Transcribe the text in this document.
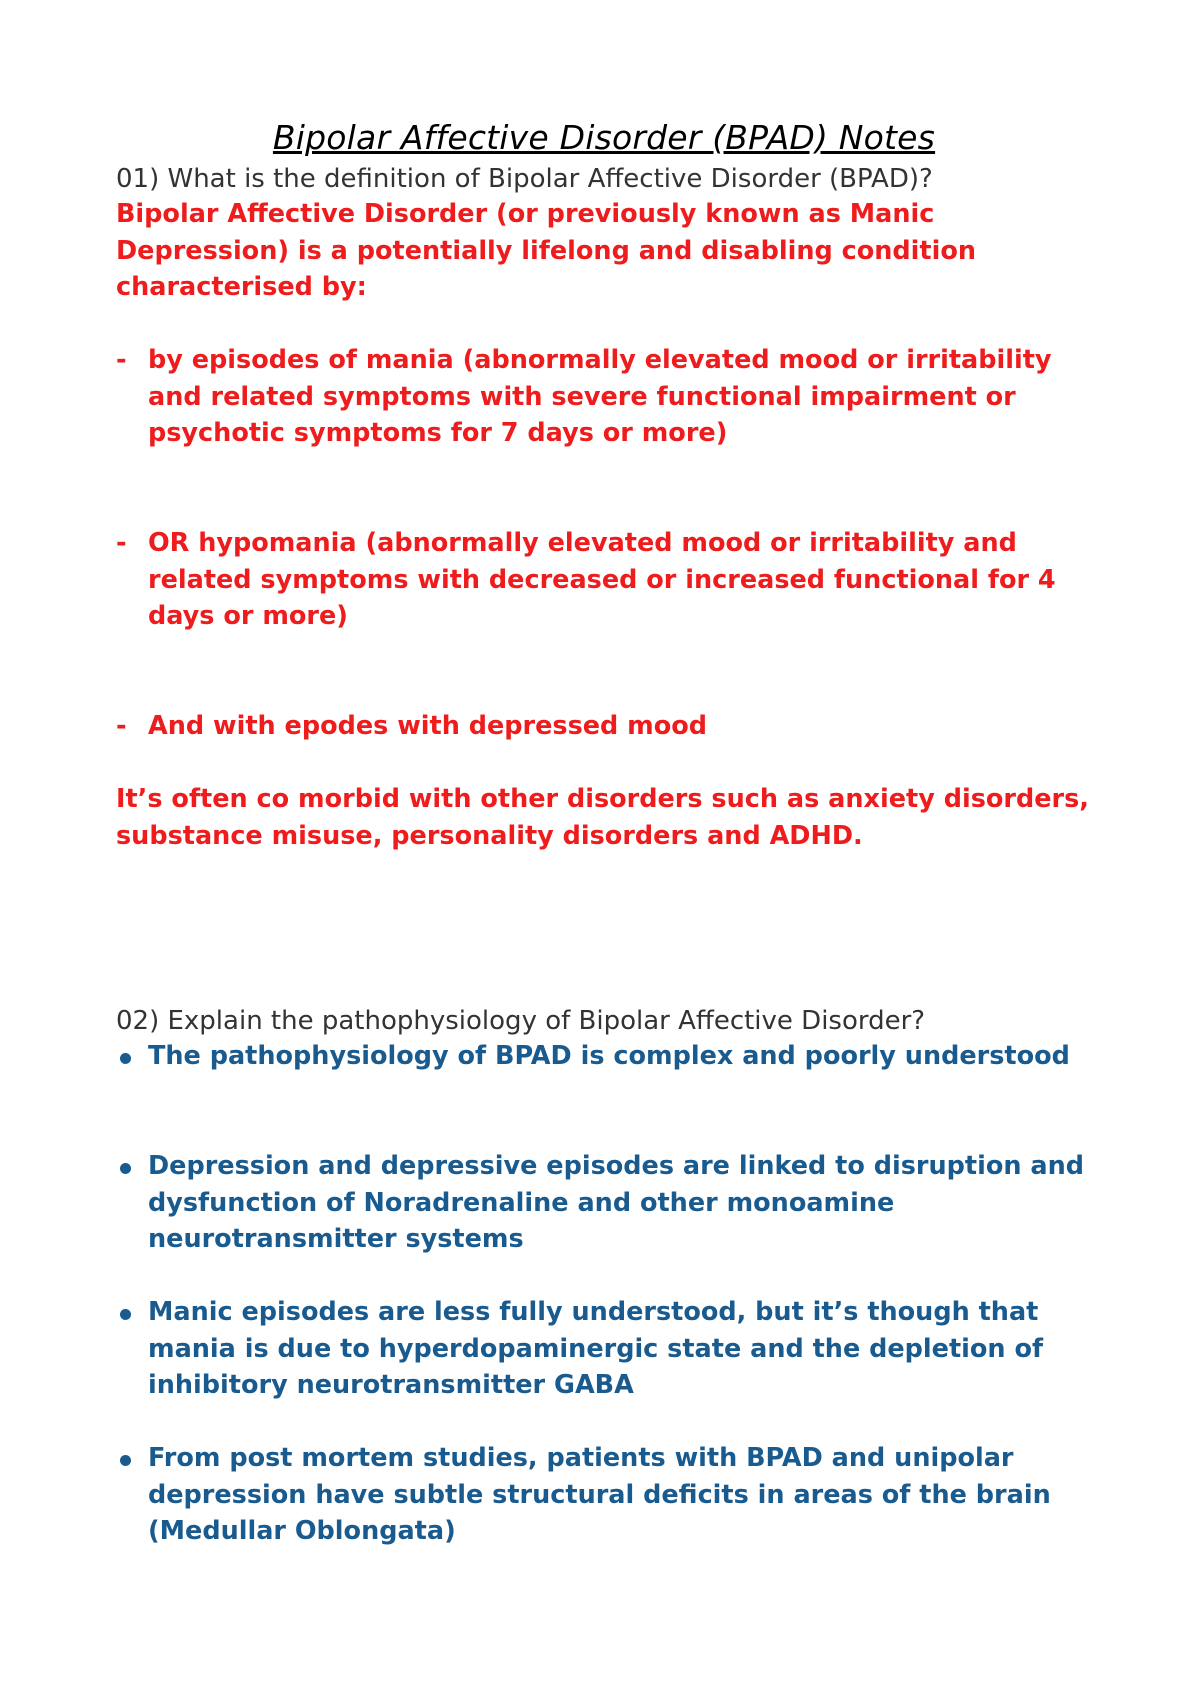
Bipolar Affective Disorder (BPAD) Notes
01) What is the definition of Bipolar Affective Disorder (BPAD)?

Bipolar Affective Disorder (or previously known as Manic Depression) is a potentially lifelong and disabling condition characterised by:

- by episodes of mania (abnormally elevated mood or irritability and related symptoms with severe functional impairment or psychotic symptoms for 7 days or more)
- OR hypomania (abnormally elevated mood or irritability and related symptoms with decreased or increased functional for 4 days or more)
- And with epodes with depressed mood

It’s often co morbid with other disorders such as anxiety disorders, substance misuse, personality disorders and ADHD.

02) Explain the pathophysiology of Bipolar Affective Disorder?
The pathophysiology of BPAD is complex and poorly understood
Depression and depressive episodes are linked to disruption and dysfunction of Noradrenaline and other monoamine neurotransmitter systems
Manic episodes are less fully understood, but it’s though that mania is due to hyperdopaminergic state and the depletion of inhibitory neurotransmitter GABA
From post mortem studies, patients with BPAD and unipolar depression have subtle structural deficits in areas of the brain (Medullar Oblongata)
